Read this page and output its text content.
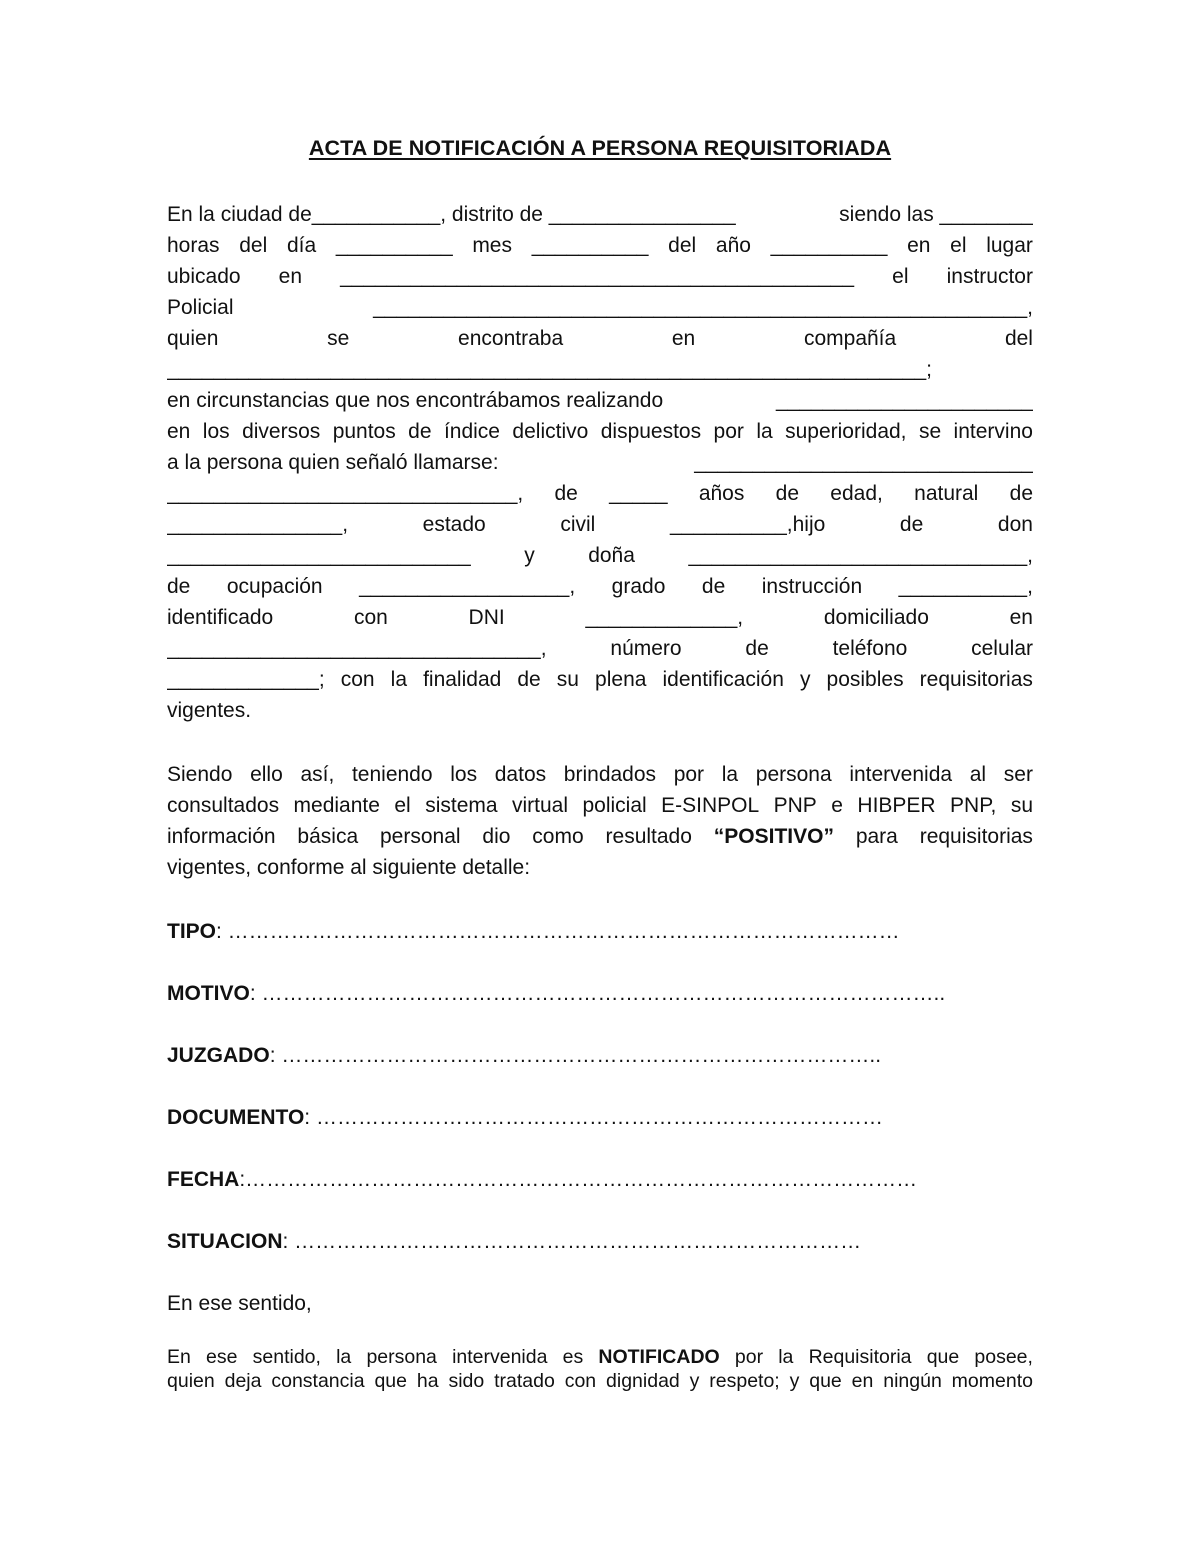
ACTA DE NOTIFICACIÓN A PERSONA REQUISITORIADA
En la ciudad de___________, distrito de ________________	siendo las ________
horas del día __________ mes __________ del año __________ en el lugar
ubicado en ____________________________________________ el instructor
Policial	________________________________________________________,
quien	se	encontraba	en	compañía	del
_________________________________________________________________;
en circunstancias que nos encontrábamos realizando	______________________
en los diversos puntos de índice delictivo dispuestos por la superioridad, se intervino
a la persona quien señaló llamarse:	_____________________________
______________________________, de _____ años de edad, natural de
_______________,	estado	civil	__________,hijo	de	don
__________________________	y	doña	_____________________________,
de ocupación __________________, grado de instrucción ___________,
identificado	con	DNI	_____________,	domiciliado	en
________________________________,	número	de	teléfono	celular
_____________; con la finalidad de su plena identificación y posibles requisitorias
vigentes.
Siendo ello así, teniendo los datos brindados por la persona intervenida al ser
consultados mediante el sistema virtual policial E-SINPOL PNP e HIBPER PNP, su
información básica personal dio como resultado “POSITIVO” para requisitorias
vigentes, conforme al siguiente detalle:
TIPO: ……………………………………………………………………………………
MOTIVO: ……………………………………………………………………………………..
JUZGADO: …………………………………………………………………………..
DOCUMENTO: ………………………………………………………………………
FECHA:……………………………………………………………………………………
SITUACION: ………………………………………………………………………
En ese sentido,
En ese sentido, la persona intervenida es NOTIFICADO por la Requisitoria que posee,
quien deja constancia que ha sido tratado con dignidad y respeto; y que en ningún momento
